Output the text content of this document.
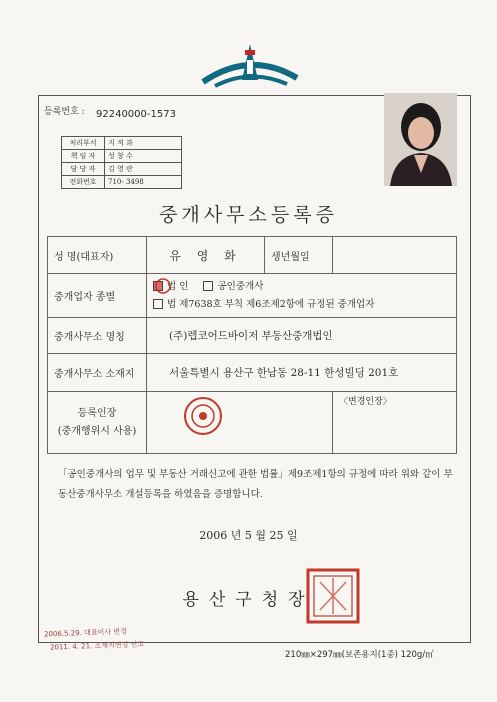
등록번호 : 92240000-1573
처리부서	지 적 과
책 임 자	성 창 수
담 당 자	김 영 란
전화번호	710- 3498
중개사무소등록증
성 명(대표자)	유 영 화	생년월일	
중개업자 종별	법 인 공인중개사
법 제7638호 부칙 제6조제2항에 규정된 중개업자		
중개사무소 명칭	(주)렙코어드바이저 부동산중개법인		
중개사무소 소재지	서울특별시 용산구 한남동 28-11 한성빌딩 201호		
등록인장
(중개행위시 사용)			〈변경인장〉
「공인중개사의 업무 및 부동산 거래신고에 관한 법률」제9조제1항의 규정에 따라 위와 같이 부동산중개사무소 개설등록을 하였음을 증명합니다.
2006 년 5 월 25 일
용산구청장
210㎜×297㎜(보존용지(1종) 120g/㎡
2006.5.29. 대표이사 변경
2011. 4. 21. 소재지변경 신고
